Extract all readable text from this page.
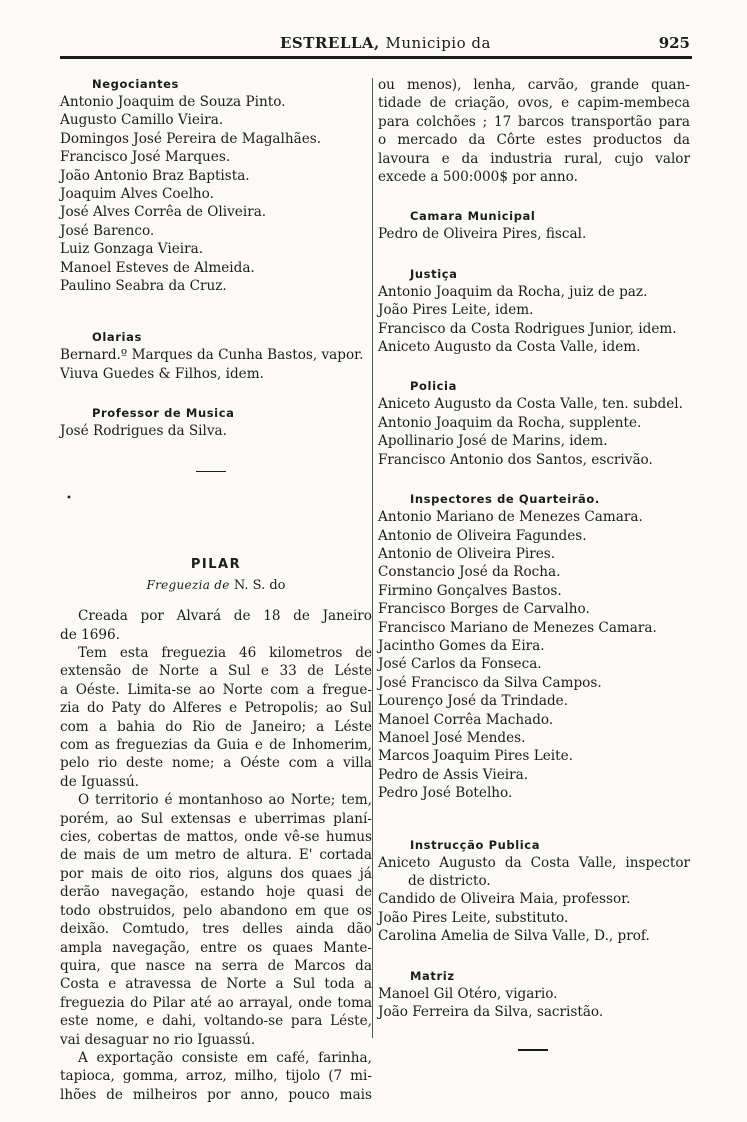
ESTRELLA, Municipio da	925
•
Negociantes
Antonio Joaquim de Souza Pinto.
Augusto Camillo Vieira.
Domingos José Pereira de Magalhães.
Francisco José Marques.
João Antonio Braz Baptista.
Joaquim Alves Coelho.
José Alves Corrêa de Oliveira.
José Barenco.
Luiz Gonzaga Vieira.
Manoel Esteves de Almeida.
Paulino Seabra da Cruz.
Olarias
Bernard.º Marques da Cunha Bastos, vapor.
Viuva Guedes & Filhos, idem.
Professor de Musica
José Rodrigues da Silva.
PILAR
Freguezia de N. S. do
Creada por Alvará de 18 de Janeiro
de 1696.
Tem esta freguezia 46 kilometros de
extensão de Norte a Sul e 33 de Léste
a Oéste. Limita-se ao Norte com a fregue-
zia do Paty do Alferes e Petropolis; ao Sul
com a bahia do Rio de Janeiro; a Léste
com as freguezias da Guia e de Inhomerim,
pelo rio deste nome; a Oéste com a villa
de Iguassú.
O territorio é montanhoso ao Norte; tem,
porém, ao Sul extensas e uberrimas planí-
cies, cobertas de mattos, onde vê-se humus
de mais de um metro de altura. E' cortada
por mais de oito rios, alguns dos quaes já
derão navegação, estando hoje quasi de
todo obstruidos, pelo abandono em que os
deixão. Comtudo, tres delles ainda dão
ampla navegação, entre os quaes Mante-
quira, que nasce na serra de Marcos da
Costa e atravessa de Norte a Sul toda a
freguezia do Pilar até ao arrayal, onde toma
este nome, e dahi, voltando-se para Léste,
vai desaguar no rio Iguassú.
A exportação consiste em café, farinha,
tapioca, gomma, arroz, milho, tijolo (7 mi-
lhões de milheiros por anno, pouco mais
ou menos), lenha, carvão, grande quan-
tidade de criação, ovos, e capim-membeca
para colchões ; 17 barcos transportão para
o mercado da Côrte estes productos da
lavoura e da industria rural, cujo valor
excede a 500:000$ por anno.
Camara Municipal
Pedro de Oliveira Pires, fiscal.
Justiça
Antonio Joaquim da Rocha, juiz de paz.
João Pires Leite, idem.
Francisco da Costa Rodrigues Junior, idem.
Aniceto Augusto da Costa Valle, idem.
Policia
Aniceto Augusto da Costa Valle, ten. subdel.
Antonio Joaquim da Rocha, supplente.
Apollinario José de Marins, idem.
Francisco Antonio dos Santos, escrivão.
Inspectores de Quarteirão.
Antonio Mariano de Menezes Camara.
Antonio de Oliveira Fagundes.
Antonio de Oliveira Pires.
Constancio José da Rocha.
Firmino Gonçalves Bastos.
Francisco Borges de Carvalho.
Francisco Mariano de Menezes Camara.
Jacintho Gomes da Eira.
José Carlos da Fonseca.
José Francisco da Silva Campos.
Lourenço José da Trindade.
Manoel Corrêa Machado.
Manoel José Mendes.
Marcos Joaquim Pires Leite.
Pedro de Assis Vieira.
Pedro José Botelho.
Instrucção Publica
Aniceto Augusto da Costa Valle, inspector
de districto.
Candido de Oliveira Maia, professor.
João Pires Leite, substituto.
Carolina Amelia de Silva Valle, D., prof.
Matriz
Manoel Gil Otéro, vigario.
João Ferreira da Silva, sacristão.
